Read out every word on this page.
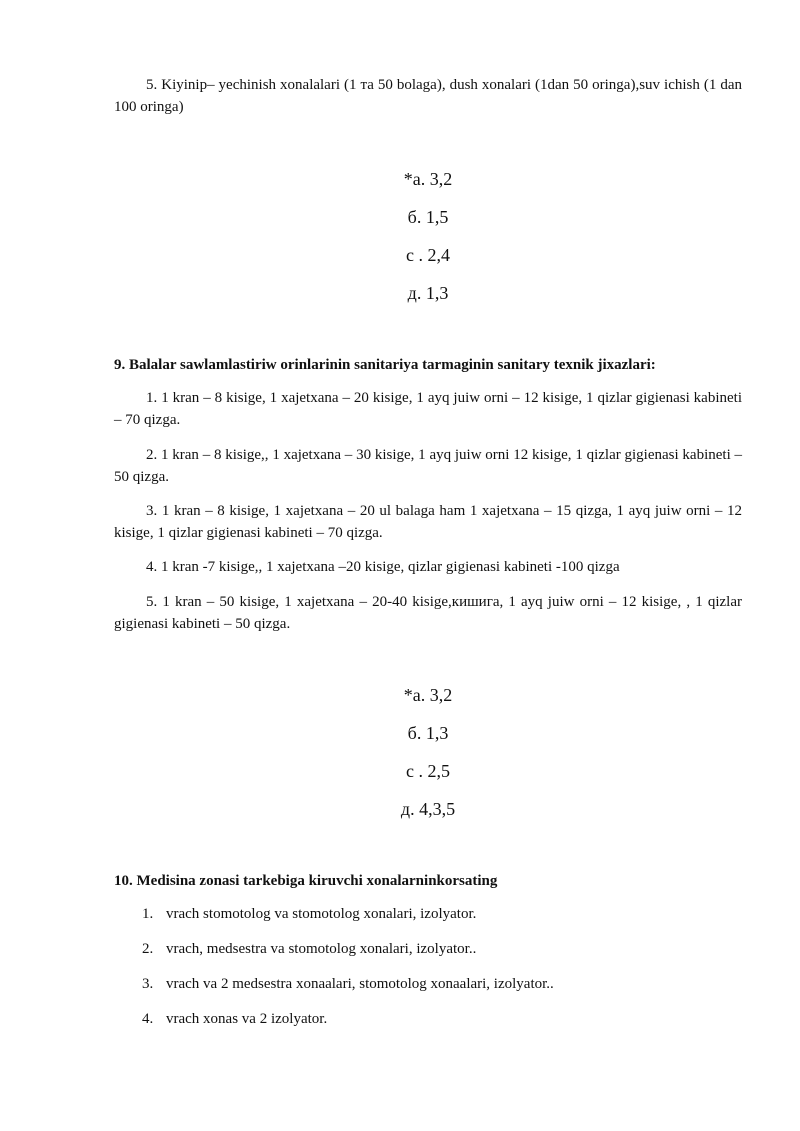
5. Kiyinip– yechinish xonalalari (1 та 50 bolaga), dush xonalari (1dan 50 oringa),suv ichish (1 dan 100 oringa)
*a. 3,2
б. 1,5
с . 2,4
д. 1,3
9. Balalar sawlamlastiriw orinlarinin sanitariya tarmaginin sanitary texnik jixazlari:
1. 1 kran – 8 kisige, 1 xajetxana – 20 kisige, 1 ayq juiw orni – 12 kisige, 1 qizlar gigienasi kabineti – 70 qizga.
2. 1 kran – 8 kisige,, 1 xajetxana – 30 kisige, 1 ayq juiw orni 12 kisige, 1 qizlar gigienasi kabineti – 50 qizga.
3. 1 kran – 8 kisige, 1 xajetxana – 20 ul balaga ham 1 xajetxana – 15 qizga, 1 ayq juiw orni – 12 kisige, 1 qizlar gigienasi kabineti – 70 qizga.
4. 1 kran -7 kisige,, 1 xajetxana –20 kisige, qizlar gigienasi kabineti -100 qizga
5. 1 kran – 50 kisige, 1 xajetxana – 20-40 kisige,кишига, 1 ayq juiw orni – 12 kisige, , 1 qizlar gigienasi kabineti – 50 qizga.
*a. 3,2
б. 1,3
с . 2,5
д. 4,3,5
10. Medisina zonasi tarkebiga kiruvchi xonalarninkorsating
1. vrach stomotolog va stomotolog xonalari, izolyator.
2. vrach, medsestra va stomotolog xonalari, izolyator..
3. vrach va 2 medsestra xonaalari, stomotolog xonaalari, izolyator..
4. vrach xonas va 2 izolyator.
